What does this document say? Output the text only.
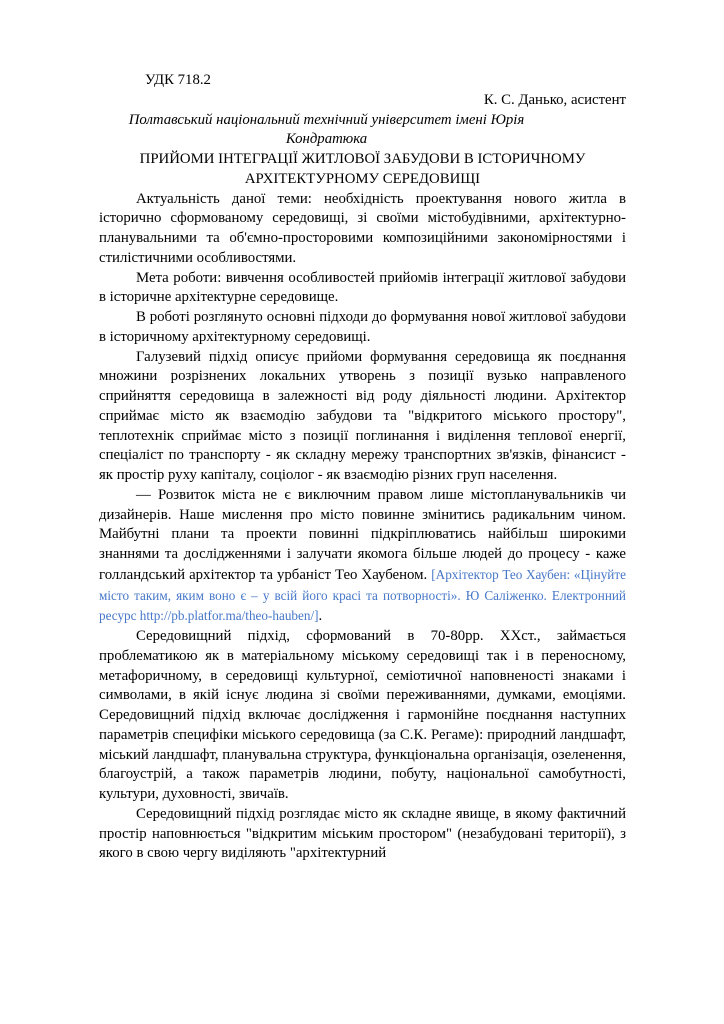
УДК 718.2

К. С. Данько, асистент

Полтавський національний технічний університет імені Юрія Кондратюка

ПРИЙОМИ ІНТЕГРАЦІЇ ЖИТЛОВОЇ ЗАБУДОВИ В ІСТОРИЧНОМУ АРХІТЕКТУРНОМУ СЕРЕДОВИЩІ

Актуальність даної теми: необхідність проектування нового житла в історично сформованому середовищі, зі своїми містобудівними, архітектурно-планувальними та об'ємно-просторовими композиційними закономірностями і стилістичними особливостями.

Мета роботи: вивчення особливостей прийомів інтеграції житлової забудови в історичне архітектурне середовище.

В роботі розглянуто основні підходи до формування нової житлової забудови в історичному архітектурному середовищі.

Галузевий підхід описує прийоми формування середовища як поєднання множини розрізнених локальних утворень з позиції вузько направленого сприйняття середовища в залежності від роду діяльності людини. Архітектор сприймає місто як взаємодію забудови та "відкритого міського простору", теплотехнік сприймає місто з позиції поглинання і виділення теплової енергії, спеціаліст по транспорту - як складну мережу транспортних зв'язків, фінансист - як простір руху капіталу, соціолог - як взаємодію різних груп населення.

— Розвиток міста не є виключним правом лише містопланувальників чи дизайнерів. Наше мислення про місто повинне змінитись радикальним чином. Майбутні плани та проекти повинні підкріплюватись найбільш широкими знаннями та дослідженнями і залучати якомога більше людей до процесу - каже голландський архітектор та урбаніст Тео Хаубеном. [Архітектор Тео Хаубен: «Цінуйте місто таким, яким воно є – у всій його красі та потворності». Ю Саліженко. Електронний ресурс http://pb.platfor.ma/theo-hauben/].

Середовищний підхід, сформований в 70-80рр. ХХст., займається проблематикою як в матеріальному міському середовищі так і в переносному, метафоричному, в середовищі культурної, семіотичної наповненості знаками і символами, в якій існує людина зі своїми переживаннями, думками, емоціями. Середовищний підхід включає дослідження і гармонійне поєднання наступних параметрів специфіки міського середовища (за С.К. Регаме): природний ландшафт, міський ландшафт, планувальна структура, функціональна організація, озеленення, благоустрій, а також параметрів людини, побуту, національної самобутності, культури, духовності, звичаїв.

Середовищний підхід розглядає місто як складне явище, в якому фактичний простір наповнюється "відкритим міським простором" (незабудовані території), з якого в свою чергу виділяють "архітектурний
